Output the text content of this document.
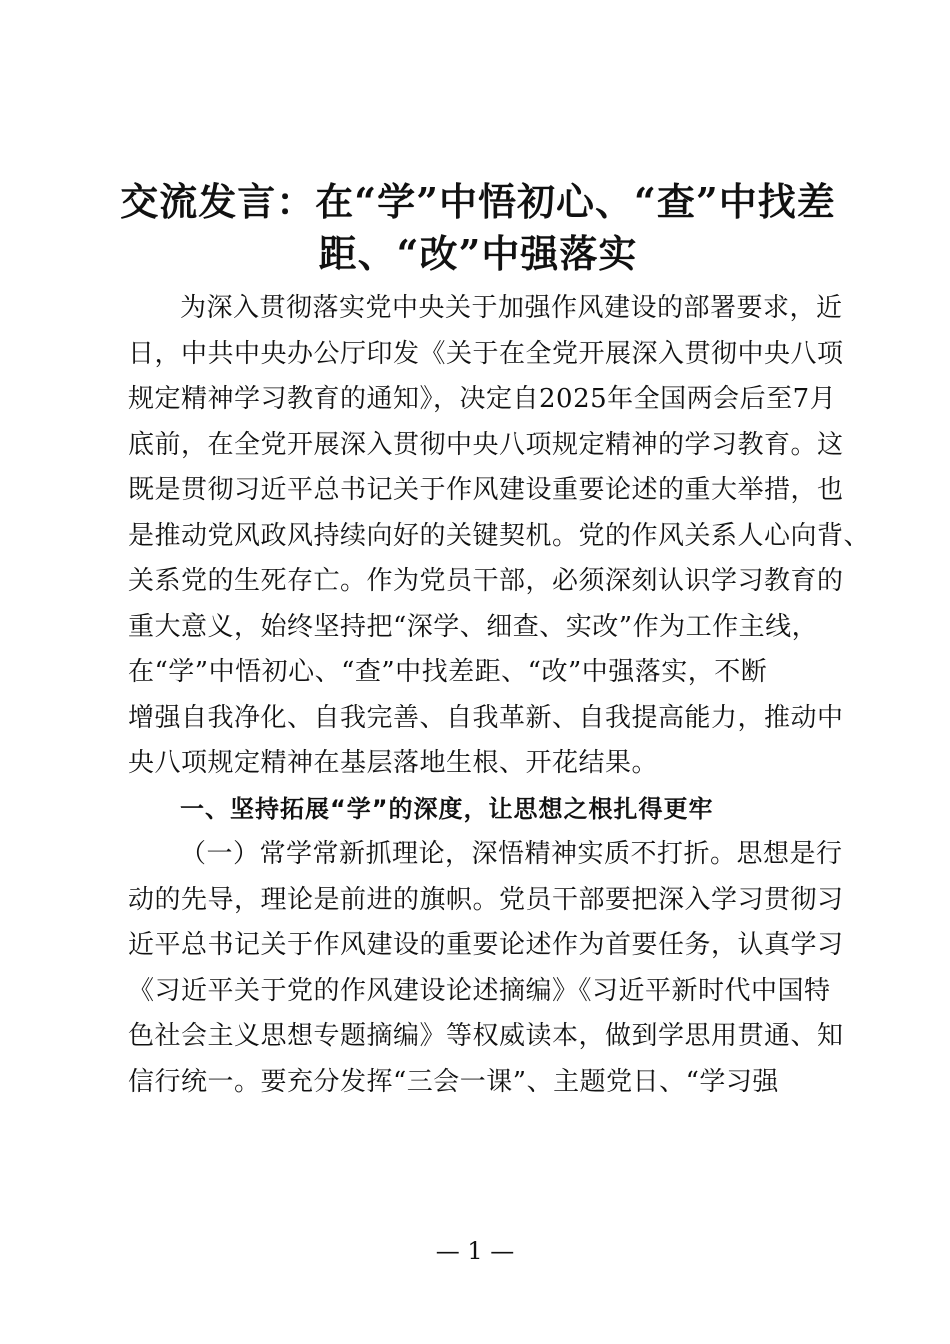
交流发言：在“学”中悟初心、“查”中找差
距、“改”中强落实
为深入贯彻落实党中央关于加强作风建设的部署要求，近
日，中共中央办公厅印发《关于在全党开展深入贯彻中央八项
规定精神学习教育的通知》，决定自2025年全国两会后至7月
底前，在全党开展深入贯彻中央八项规定精神的学习教育。这
既是贯彻习近平总书记关于作风建设重要论述的重大举措，也
是推动党风政风持续向好的关键契机。党的作风关系人心向背、
关系党的生死存亡。作为党员干部，必须深刻认识学习教育的
重大意义，始终坚持把“深学、细查、实改”作为工作主线，
在“学”中悟初心、“查”中找差距、“改”中强落实，不断
增强自我净化、自我完善、自我革新、自我提高能力，推动中
央八项规定精神在基层落地生根、开花结果。
一、坚持拓展“学”的深度，让思想之根扎得更牢
（一）常学常新抓理论，深悟精神实质不打折。思想是行
动的先导，理论是前进的旗帜。党员干部要把深入学习贯彻习
近平总书记关于作风建设的重要论述作为首要任务，认真学习
《习近平关于党的作风建设论述摘编》《习近平新时代中国特
色社会主义思想专题摘编》等权威读本，做到学思用贯通、知
信行统一。要充分发挥“三会一课”、主题党日、“学习强
— 1 —
